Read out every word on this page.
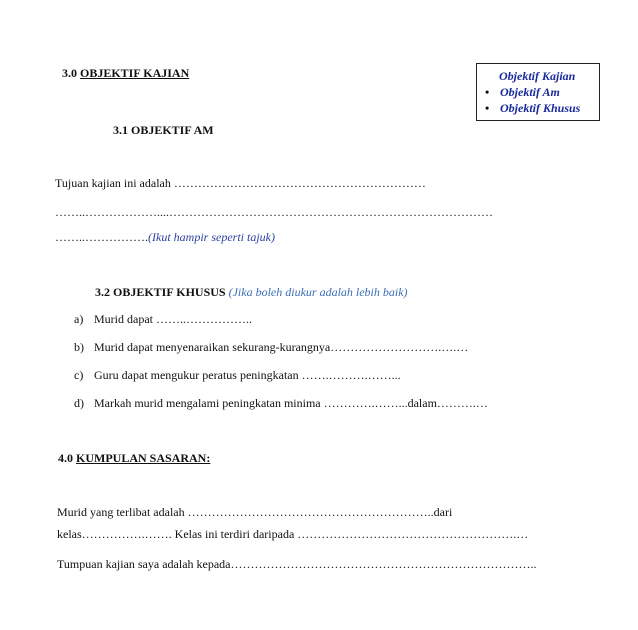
3.0 OBJEKTIF KAJIAN	Objektif Kajian
• Objektif Am
• Objektif Khusus
3.1 OBJEKTIF AM
Tujuan kajian ini adalah ………………………………………………………
……..………………....………………………………………………………………………
……..…………….(Ikut hampir seperti tajuk)
3.2 OBJEKTIF KHUSUS (Jika boleh diukur adalah lebih baik)
a) Murid dapat ……..……………..
b) Murid dapat menyenaraikan sekurang-kurangnya……………………….….…
c) Guru dapat mengukur peratus peningkatan …….……….……...
d) Markah murid mengalami peningkatan minima ………….……...dalam……….…
4.0 KUMPULAN SASARAN:
Murid yang terlibat adalah ……………………………………………………..dari
kelas…………….……. Kelas ini terdiri daripada ……………………………………………….…
Tumpuan kajian saya adalah kepada…………………………………………………………………..
